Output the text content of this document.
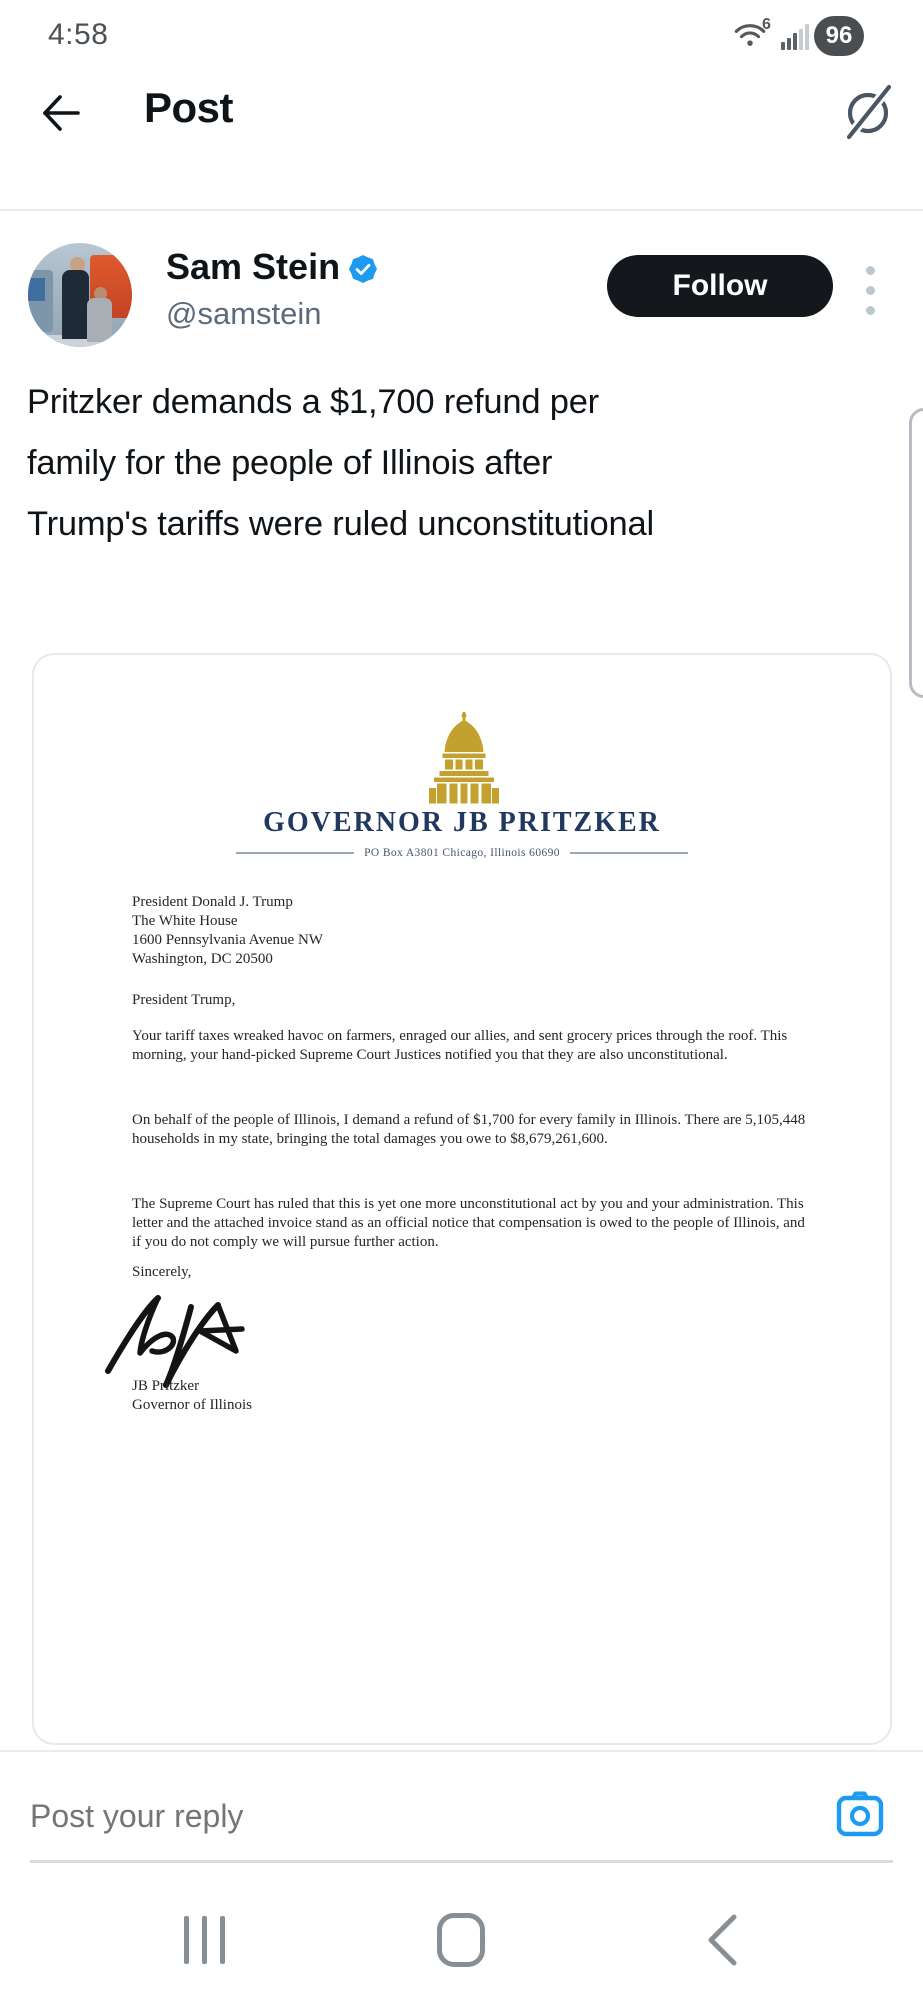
4:58	6	96
Post
Sam Stein
@samstein
Follow
Pritzker demands a $1,700 refund per family for the people of Illinois after Trump's tariffs were ruled unconstitutional
GOVERNOR JB PRITZKER
PO Box A3801 Chicago, Illinois 60690
President Donald J. Trump
The White House
1600 Pennsylvania Avenue NW
Washington, DC 20500
President Trump,
Your tariff taxes wreaked havoc on farmers, enraged our allies, and sent grocery prices through the roof. This morning, your hand-picked Supreme Court Justices notified you that they are also unconstitutional.
On behalf of the people of Illinois, I demand a refund of $1,700 for every family in Illinois. There are 5,105,448 households in my state, bringing the total damages you owe to $8,679,261,600.
The Supreme Court has ruled that this is yet one more unconstitutional act by you and your administration. This letter and the attached invoice stand as an official notice that compensation is owed to the people of Illinois, and if you do not comply we will pursue further action.
Sincerely,
JB Pritzker
Governor of Illinois
Post your reply
